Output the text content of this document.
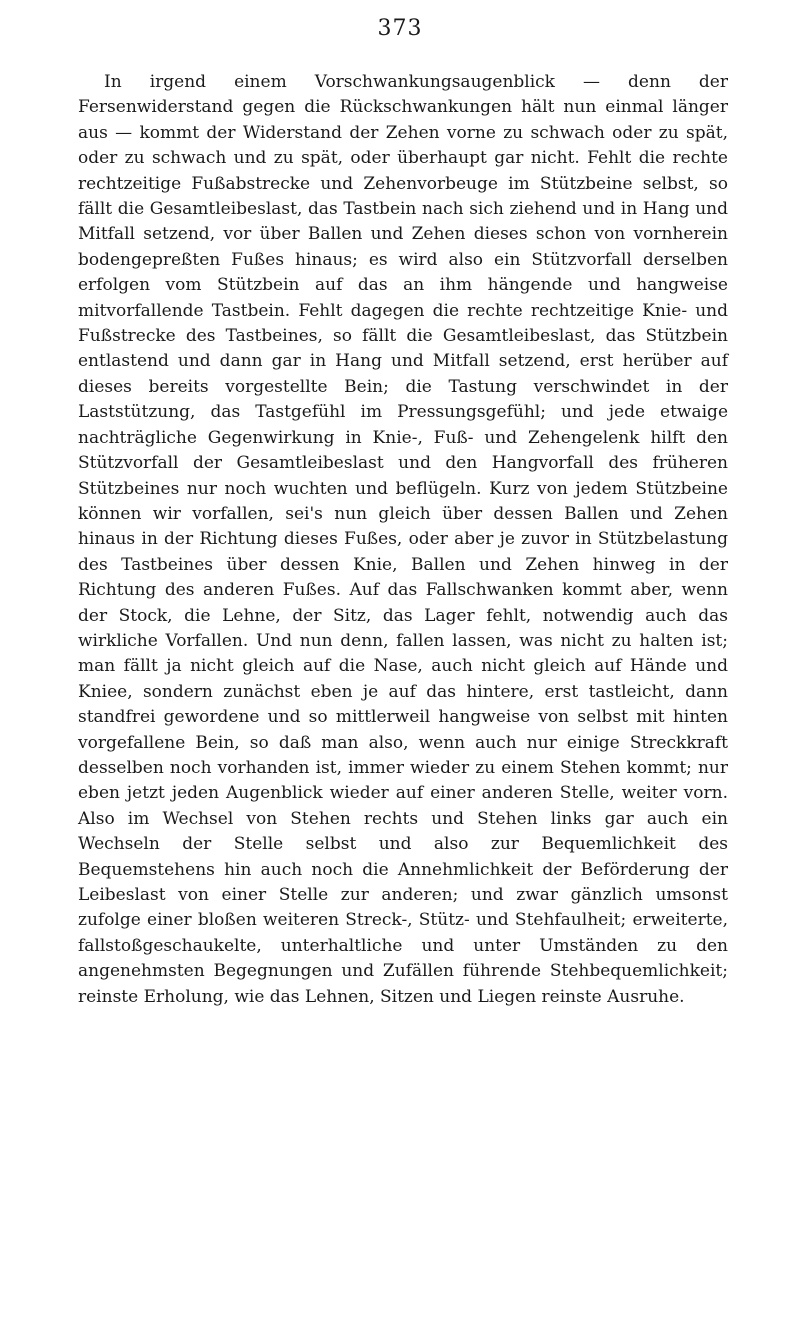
373

In irgend einem Vorschwankungsaugenblick — denn der Fersenwiderstand gegen die Rückschwankungen hält nun einmal länger aus — kommt der Widerstand der Zehen vorne zu schwach oder zu spät, oder zu schwach und zu spät, oder überhaupt gar nicht. Fehlt die rechte rechtzeitige Fußabstrecke und Zehenvorbeuge im Stützbeine selbst, so fällt die Gesamtleibeslast, das Tastbein nach sich ziehend und in Hang und Mitfall setzend, vor über Ballen und Zehen dieses schon von vornherein bodengepreßten Fußes hinaus; es wird also ein Stützvorfall derselben erfolgen vom Stützbein auf das an ihm hängende und hangweise mitvorfallende Tastbein. Fehlt dagegen die rechte rechtzeitige Knie- und Fußstrecke des Tastbeines, so fällt die Gesamtleibeslast, das Stützbein entlastend und dann gar in Hang und Mitfall setzend, erst herüber auf dieses bereits vorgestellte Bein; die Tastung verschwindet in der Laststützung, das Tastgefühl im Pressungsgefühl; und jede etwaige nachträgliche Gegenwirkung in Knie-, Fuß- und Zehengelenk hilft den Stützvorfall der Gesamtleibeslast und den Hangvorfall des früheren Stützbeines nur noch wuchten und beflügeln. Kurz von jedem Stützbeine können wir vorfallen, sei's nun gleich über dessen Ballen und Zehen hinaus in der Richtung dieses Fußes, oder aber je zuvor in Stützbelastung des Tastbeines über dessen Knie, Ballen und Zehen hinweg in der Richtung des anderen Fußes. Auf das Fallschwanken kommt aber, wenn der Stock, die Lehne, der Sitz, das Lager fehlt, notwendig auch das wirkliche Vorfallen. Und nun denn, fallen lassen, was nicht zu halten ist; man fällt ja nicht gleich auf die Nase, auch nicht gleich auf Hände und Kniee, sondern zunächst eben je auf das hintere, erst tastleicht, dann standfrei gewordene und so mittlerweil hangweise von selbst mit hinten vorgefallene Bein, so daß man also, wenn auch nur einige Streckkraft desselben noch vorhanden ist, immer wieder zu einem Stehen kommt; nur eben jetzt jeden Augenblick wieder auf einer anderen Stelle, weiter vorn. Also im Wechsel von Stehen rechts und Stehen links gar auch ein Wechseln der Stelle selbst und also zur Bequemlichkeit des Bequemstehens hin auch noch die Annehmlichkeit der Beförderung der Leibeslast von einer Stelle zur anderen; und zwar gänzlich umsonst zufolge einer bloßen weiteren Streck-, Stütz- und Stehfaulheit; erweiterte, fallstoßgeschaukelte, unterhaltliche und unter Umständen zu den angenehmsten Begegnungen und Zufällen führende Stehbequemlichkeit; reinste Erholung, wie das Lehnen, Sitzen und Liegen reinste Ausruhe.
